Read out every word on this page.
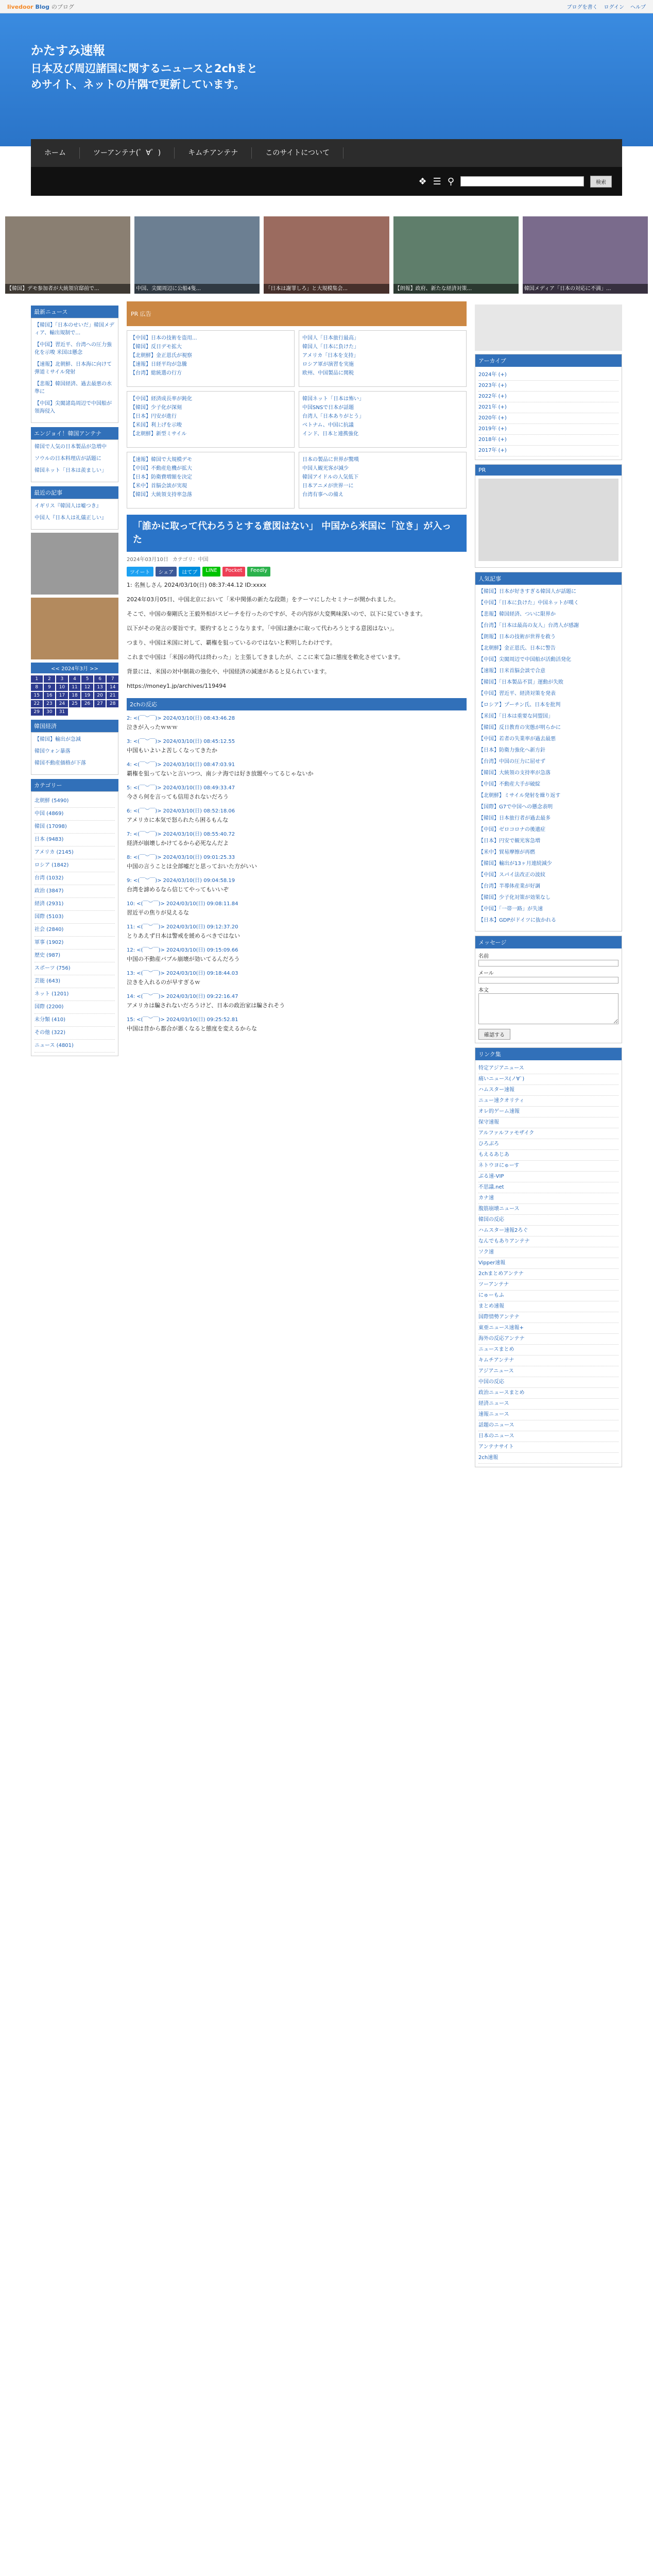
livedoor Blog のブログ	ブログを書く ログイン ヘルプ
かたすみ速報
日本及び周辺諸国に関するニュースと2chまとめサイト、ネットの片隅で更新しています。
ホーム	ツーアンテナ(゜∀゜)	キムチアンテナ	このサイトについて
❖ ☰ ⚲	検索
【韓国】デモ参加者が大統領官邸前で...	中国、尖閣周辺に公船4隻...	「日本は謝罪しろ」と大規模集会...	【朗報】政府、新たな経済対策...	韓国メディア「日本の対応に不満」...
最新ニュース
【韓国】「日本のせいだ」韓国メディア、輸出規制で…
【中国】習近平、台湾への圧力強化を示唆 米国は懸念
【速報】北朝鮮、日本海に向けて弾道ミサイル発射
【悲報】韓国経済、過去最悪の水準に
【中国】尖閣諸島周辺で中国船が領海侵入
エンジョイ！韓国アンテナ
韓国で人気の日本製品が急増中
ソウルの日本料理店が話題に
韓国ネット「日本は羨ましい」
最近の記事
イギリス『韓国人は嘘つき』
中国人『日本人は礼儀正しい』
<< 2024年3月 >>
1	2	3	4	5	6	7
8	9	10	11	12	13	14
15	16	17	18	19	20	21
22	23	24	25	26	27	28
29	30	31
韓国経済
【韓国】輸出が急減
韓国ウォン暴落
韓国不動産価格が下落
カテゴリー
北朝鮮 (5490)
中国 (4869)
韓国 (17098)
日本 (9483)
アメリカ (2145)
ロシア (1842)
台湾 (1032)
政治 (3847)
経済 (2931)
国際 (5103)
社会 (2840)
軍事 (1902)
歴史 (987)
スポーツ (756)
芸能 (643)
ネット (1201)
国際 (2200)
未分類 (410)
その他 (322)
ニュース (4801)
PR 広告
【中国】日本の技術を盗用...
【韓国】反日デモ拡大
【北朝鮮】金正恩氏が視察
【速報】日経平均が急騰
【台湾】総統選の行方
中国人「日本旅行最高」
韓国人「日本に負けた」
アメリカ「日本を支持」
ロシア軍が演習を実施
欧州、中国製品に関税
【中国】経済成長率が鈍化
【韓国】少子化が深刻
【日本】円安が進行
【米国】利上げを示唆
【北朝鮮】新型ミサイル
韓国ネット「日本は怖い」
中国SNSで日本が話題
台湾人「日本ありがとう」
ベトナム、中国に抗議
インド、日本と連携強化
【速報】韓国で大規模デモ
【中国】不動産危機が拡大
【日本】防衛費増額を決定
【米中】首脳会談が実現
【韓国】大統領支持率急落
日本の製品に世界が驚嘆
中国人観光客が減少
韓国アイドルの人気低下
日本アニメが世界一に
台湾有事への備え
「誰かに取って代わろうとする意図はない」 中国から米国に「泣き」が入った
2024年03月10日 カテゴリ：中国
ツイート	シェア	はてブ	LINE	Pocket	Feedly

1: 名無しさん 2024/03/10(日) 08:37:44.12 ID:xxxx

2024年03月05日、中国北京において「米中関係の新たな段階」をテーマにしたセミナーが開かれました。

そこで、中国の秦剛氏と王毅外相がスピーチを行ったのですが、その内容が大変興味深いので、以下に見ていきます。

以下がその発言の要旨です。要約するとこうなります。「中国は誰かに取って代わろうとする意図はない」。

つまり、中国は米国に対して、覇権を狙っているのではないと釈明したわけです。

これまで中国は「米国の時代は終わった」と主張してきましたが、ここに来て急に態度を軟化させています。

背景には、米国の対中制裁の強化や、中国経済の減速があると見られています。

https://money1.jp/archives/119494

2chの反応
2: <(￣︶￣)> 2024/03/10(日) 08:43:46.28
泣きが入ったｗｗｗ
3: <(￣︶￣)> 2024/03/10(日) 08:45:12.55
中国もいよいよ苦しくなってきたか
4: <(￣︶￣)> 2024/03/10(日) 08:47:03.91
覇権を狙ってないと言いつつ、南シナ海では好き放題やってるじゃないか
5: <(￣︶￣)> 2024/03/10(日) 08:49:33.47
今さら何を言っても信用されないだろう
6: <(￣︶￣)> 2024/03/10(日) 08:52:18.06
アメリカに本気で怒られたら困るもんな
7: <(￣︶￣)> 2024/03/10(日) 08:55:40.72
経済が崩壊しかけてるから必死なんだよ
8: <(￣︶￣)> 2024/03/10(日) 09:01:25.33
中国の言うことは全部嘘だと思っておいた方がいい
9: <(￣︶￣)> 2024/03/10(日) 09:04:58.19
台湾を諦めるなら信じてやってもいいぞ
10: <(￣︶￣)> 2024/03/10(日) 09:08:11.84
習近平の焦りが見えるな
11: <(￣︶￣)> 2024/03/10(日) 09:12:37.20
とりあえず日本は警戒を緩めるべきではない
12: <(￣︶￣)> 2024/03/10(日) 09:15:09.66
中国の不動産バブル崩壊が効いてるんだろう
13: <(￣︶￣)> 2024/03/10(日) 09:18:44.03
泣きを入れるのが早すぎるｗ
14: <(￣︶￣)> 2024/03/10(日) 09:22:16.47
アメリカは騙されないだろうけど、日本の政治家は騙されそう
15: <(￣︶￣)> 2024/03/10(日) 09:25:52.81
中国は昔から都合が悪くなると態度を変えるからな
アーカイブ
2024年 (+)
2023年 (+)
2022年 (+)
2021年 (+)
2020年 (+)
2019年 (+)
2018年 (+)
2017年 (+)
PR
人気記事
【韓国】日本が好きすぎる韓国人が話題に
【中国】「日本に負けた」中国ネットが嘆く
【悲報】韓国経済、ついに限界か
【台湾】「日本は最高の友人」台湾人が感謝
【朗報】日本の技術が世界を救う
【北朝鮮】金正恩氏、日本に警告
【中国】尖閣周辺で中国船が活動活発化
【速報】日米首脳会談で合意
【韓国】「日本製品不買」運動が失敗
【中国】習近平、経済対策を発表
【ロシア】プーチン氏、日本を批判
【米国】「日本は重要な同盟国」
【韓国】反日教育の実態が明らかに
【中国】若者の失業率が過去最悪
【日本】防衛力強化へ新方針
【台湾】中国の圧力に屈せず
【韓国】大統領の支持率が急落
【中国】不動産大手が破綻
【北朝鮮】ミサイル発射を繰り返す
【国際】G7で中国への懸念表明
【韓国】日本旅行者が過去最多
【中国】ゼロコロナの後遺症
【日本】円安で観光客急増
【米中】貿易摩擦が再燃
【韓国】輸出が13ヶ月連続減少
【中国】スパイ法改正の波紋
【台湾】半導体産業が好調
【韓国】少子化対策が効果なし
【中国】「一帯一路」が失速
【日本】GDPがドイツに抜かれる
メッセージ
名前
メール
本文
確認する
リンク集
特定アジアニュース
痛いニュース(ノ∀`)
ハムスター速報
ニュー速クオリティ
オレ的ゲーム速報
保守速報
アルファルファモザイク
ひろぶろ
もえるあじあ
ネトウヨにゅーす
ぶる速-VIP
不思議.net
カナ速
腹筋崩壊ニュース
韓国の反応
ハムスター速報2ろぐ
なんでもありアンテナ
ソク速
Vipper速報
2chまとめアンテナ
ツーアンテナ
にゅーもふ
まとめ速報
国際情勢アンテナ
東亜ニュース速報+
海外の反応アンテナ
ニュースまとめ
キムチアンテナ
アジアニュース
中国の反応
政治ニュースまとめ
経済ニュース
速報ニュース
話題のニュース
日本のニュース
アンテナサイト
2ch速報
